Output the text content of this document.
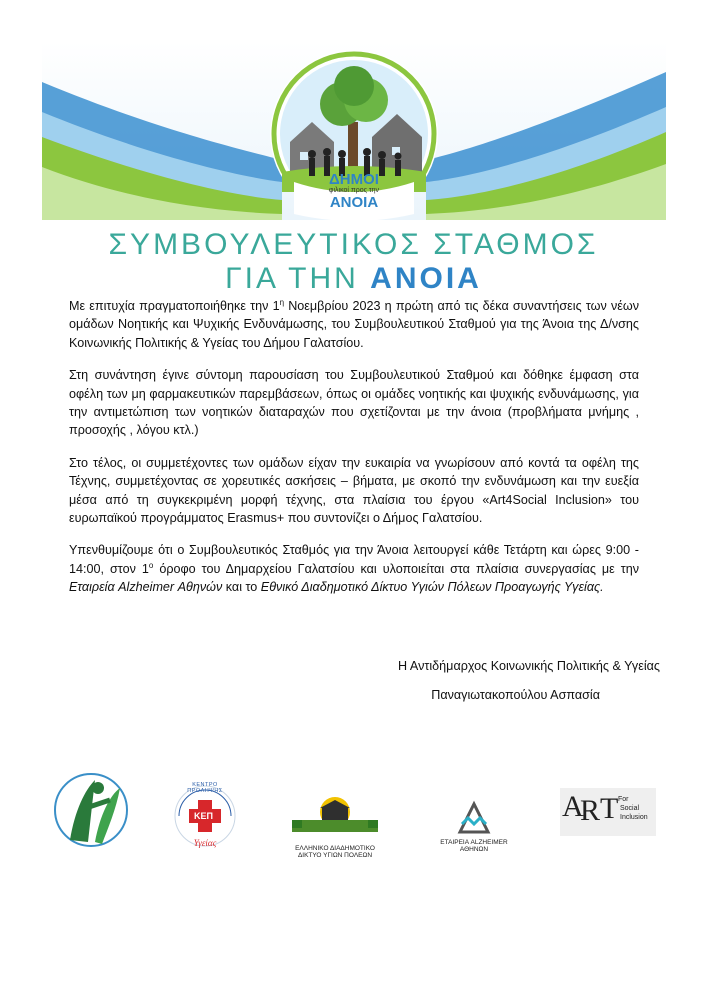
ΔΗΜΟΙ
φιλικοί προς την
ΑΝΟΙΑ
ΣΥΜΒΟΥΛΕΥΤΙΚΟΣ ΣΤΑΘΜΟΣ
ΓΙΑ ΤΗΝ ΑΝΟΙΑ

Με επιτυχία πραγματοποιήθηκε την $1^\eta$ Νοεμβρίου 2023 η πρώτη από τις δέκα συναντήσεις των νέων ομάδων Νοητικής και Ψυχικής Ενδυνάμωσης, του Συμβουλευτικού Σταθμού για της Άνοια της Δ/νσης Κοινωνικής Πολιτικής & Υγείας του Δήμου Γαλατσίου.

Στη συνάντηση έγινε σύντομη παρουσίαση του Συμβουλευτικού Σταθμού και δόθηκε έμφαση στα οφέλη των μη φαρμακευτικών παρεμβάσεων, όπως οι ομάδες νοητικής και ψυχικής ενδυνάμωσης, για την αντιμετώπιση των νοητικών διαταραχών που σχετίζονται με την άνοια (προβλήματα μνήμης , προσοχής , λόγου κτλ.)

Στο τέλος, οι συμμετέχοντες των ομάδων είχαν την ευκαιρία να γνωρίσουν από κοντά τα οφέλη της Τέχνης, συμμετέχοντας σε χορευτικές ασκήσεις – βήματα, με σκοπό την ενδυνάμωση και την ευεξία μέσα από τη συγκεκριμένη μορφή τέχνης, στα πλαίσια του έργου «Art4Social Inclusion» του ευρωπαϊκού προγράμματος Erasmus+ που συντονίζει ο Δήμος Γαλατσίου.

Υπενθυμίζουμε ότι ο Συμβουλευτικός Σταθμός για την Άνοια λειτουργεί κάθε Τετάρτη και ώρες 9:00 - 14:00, στον $1^o$ όροφο του Δημαρχείου Γαλατσίου και υλοποιείται στα πλαίσια συνεργασίας με την Εταιρεία Alzheimer Αθηνών και το Εθνικό Διαδημοτικό Δίκτυο Υγιών Πόλεων Προαγωγής Υγείας.

Η Αντιδήμαρχος Κοινωνικής Πολιτικής & Υγείας
Παναγιωτακοπούλου Ασπασία
ΚΕΠ
ΚΕΝΤΡΟ ΠΡΟΛΗΨΗΣ
Υγείας
ΕΛΛΗΝΙΚΟ ΔΙΑΔΗΜΟΤΙΚΟ
ΔΙΚΤΥΟ ΥΓΙΩΝ ΠΟΛΕΩΝ
ΕΤΑΙΡΕΙΑ ALZHEIMER
ΑΘΗΝΩΝ
A
R T For
Social
Inclusion
